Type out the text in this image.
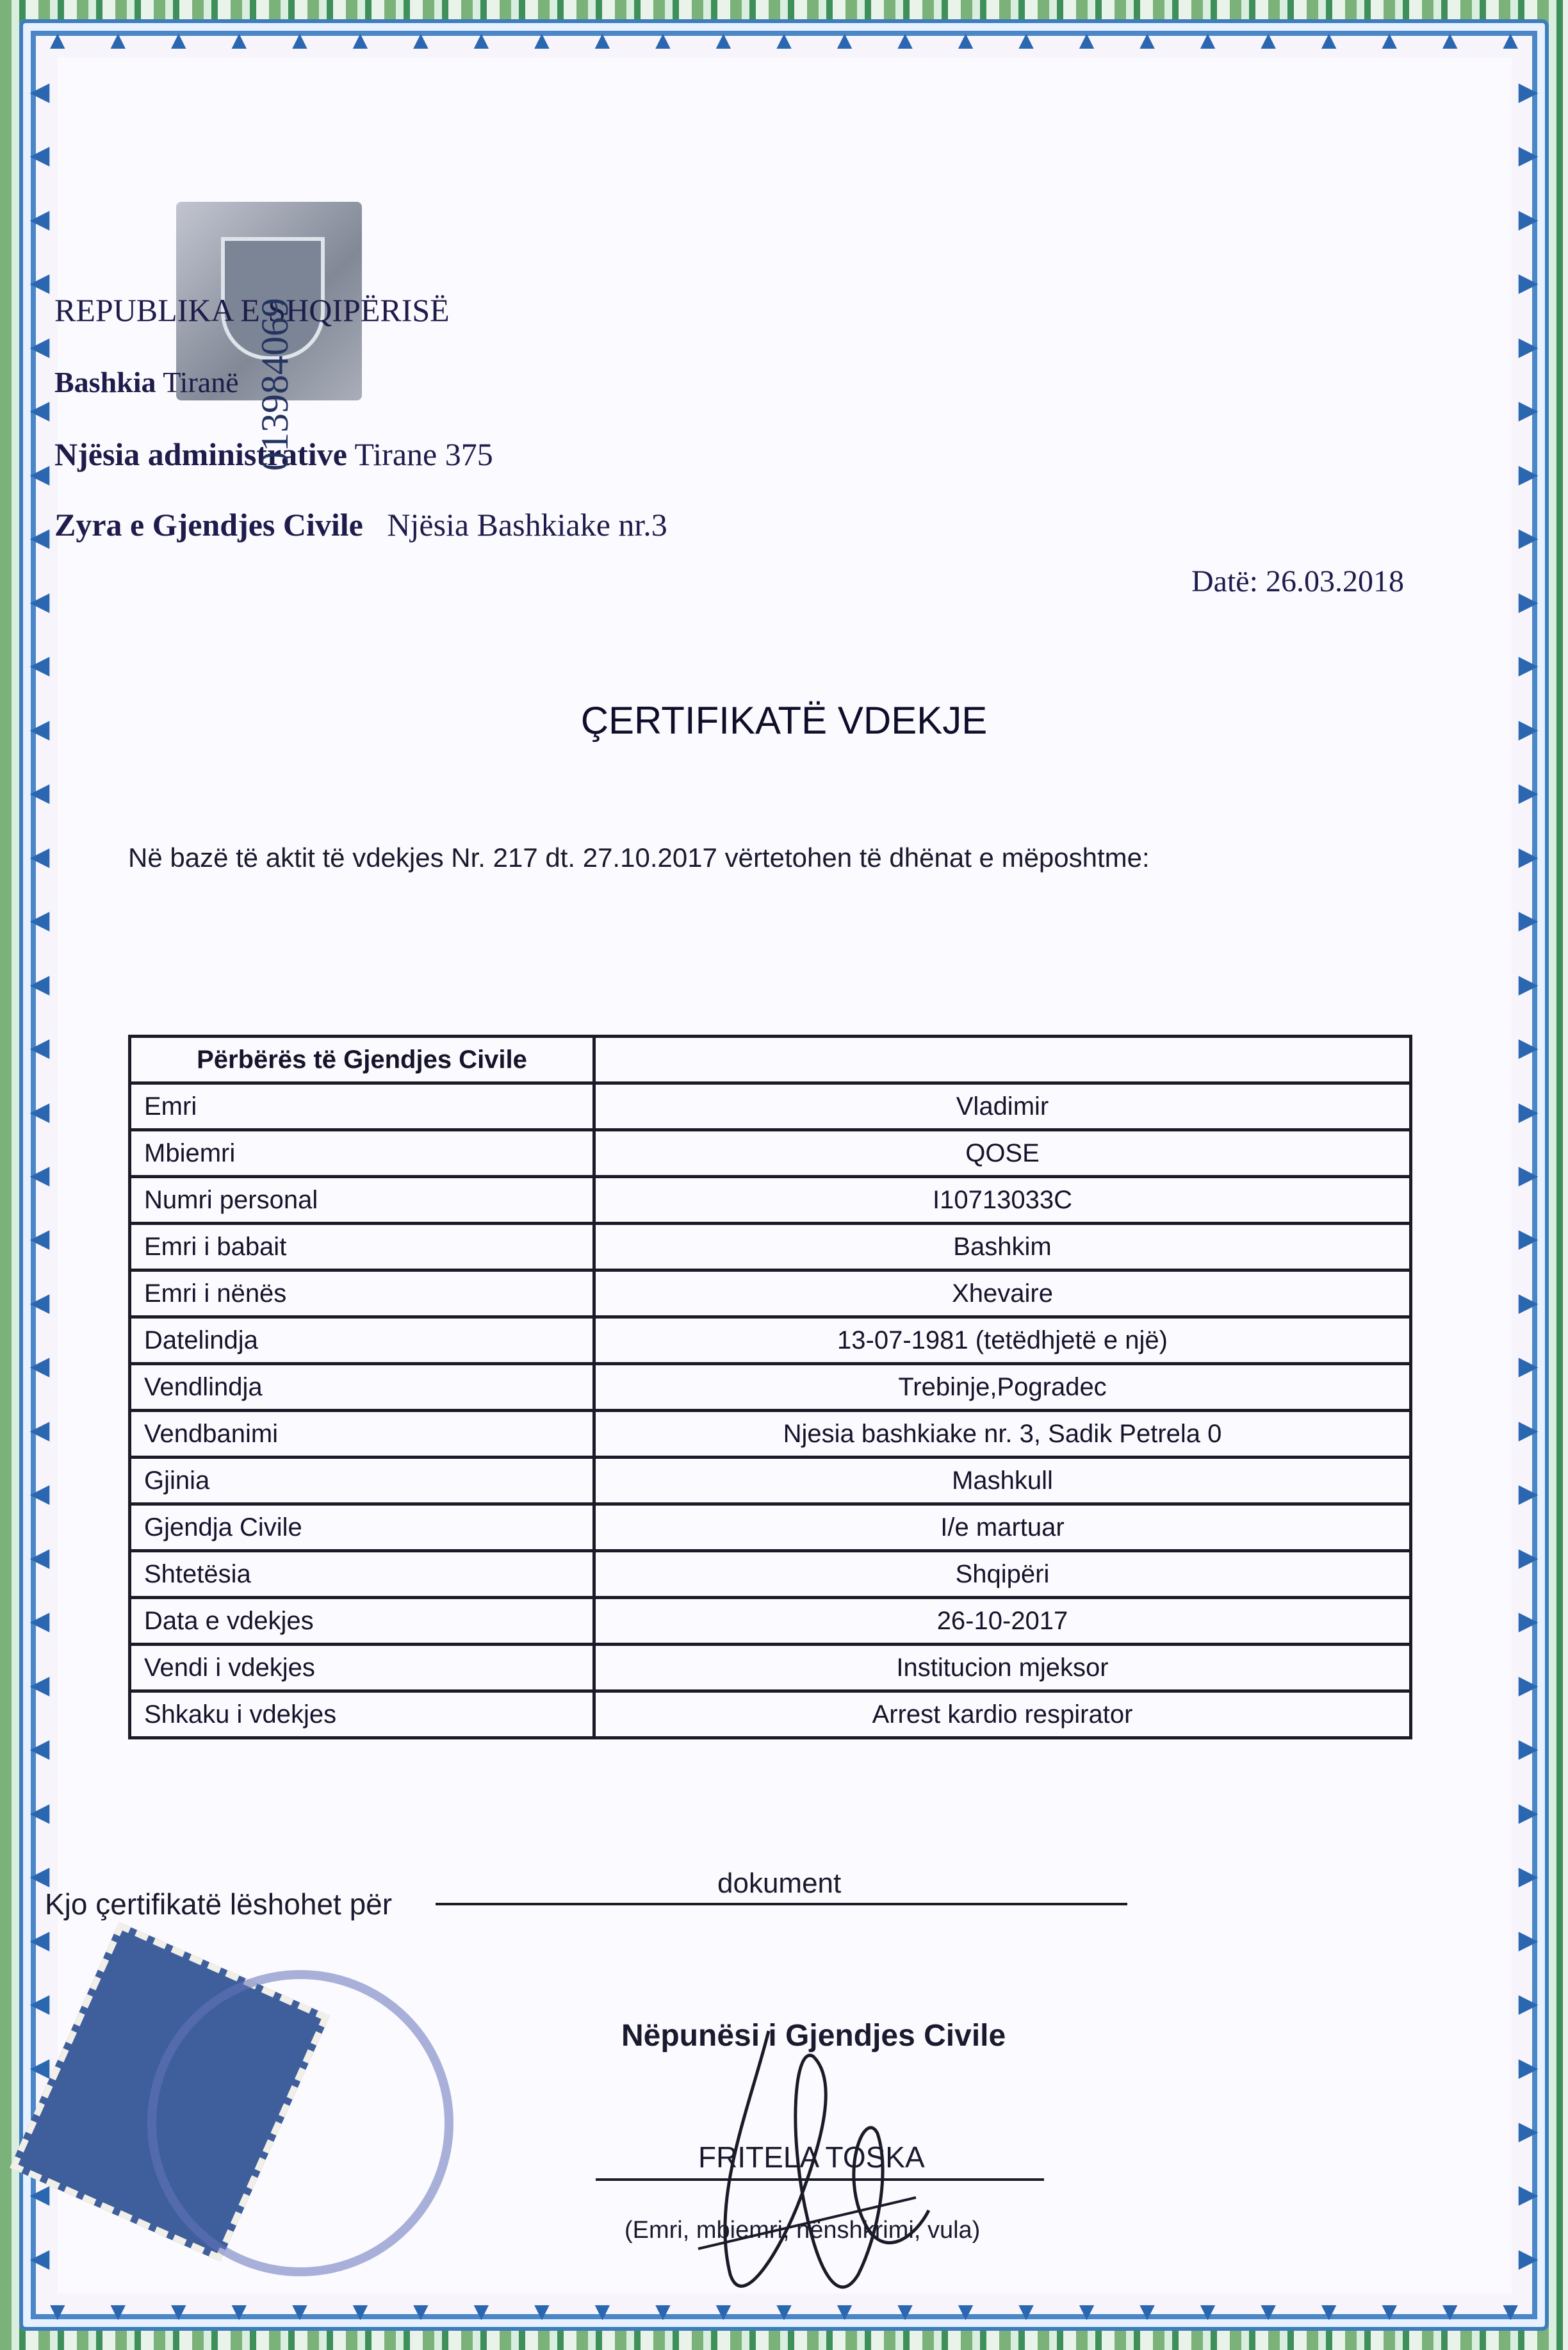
▲ ▲ ▲ ▲ ▲ ▲ ▲ ▲ ▲ ▲ ▲ ▲ ▲ ▲ ▲ ▲ ▲ ▲ ▲ ▲ ▲ ▲ ▲ ▲ ▲
▼ ▼ ▼ ▼ ▼ ▼ ▼ ▼ ▼ ▼ ▼ ▼ ▼ ▼ ▼ ▼ ▼ ▼ ▼ ▼ ▼ ▼ ▼ ▼ ▼
◀
◀
◀
◀
◀
◀
◀
◀
◀
◀
◀
◀
◀
◀
◀
◀
◀
◀
◀
◀
◀
◀
◀
◀
◀
◀
◀
◀
◀
◀
◀
◀
◀
◀
▶
▶
▶
▶
▶
▶
▶
▶
▶
▶
▶
▶
▶
▶
▶
▶
▶
▶
▶
▶
▶
▶
▶
▶
▶
▶
▶
▶
▶
▶
▶
▶
▶
▶
▶
REPUBLIKA E SHQIPËRISË
Bashkia Tiranë
Njësia administrative Tirane 375
Zyra e Gjendjes Civile Njësia Bashkiake nr.3
Datë: 26.03.2018
ÇERTIFIKATË VDEKJE
Në bazë të aktit të vdekjes Nr. 217 dt. 27.10.2017 vërtetohen të dhënat e mëposhtme:
Përbërës të Gjendjes Civile	
Emri	Vladimir
Mbiemri	QOSE
Numri personal	I10713033C
Emri i babait	Bashkim
Emri i nënës	Xhevaire
Datelindja	13-07-1981 (tetëdhjetë e një)
Vendlindja	Trebinje,Pogradec
Vendbanimi	Njesia bashkiake nr. 3, Sadik Petrela 0
Gjinia	Mashkull
Gjendja Civile	I/e martuar
Shtetësia	Shqipëri
Data e vdekjes	26-10-2017
Vendi i vdekjes	Institucion mjeksor
Shkaku i vdekjes	Arrest kardio respirator
Kjo çertifikatë lëshohet për
dokument
Nëpunësi i Gjendjes Civile
FRITELA TOSKA
(Emri, mbiemri, nënshkrimi, vula)
